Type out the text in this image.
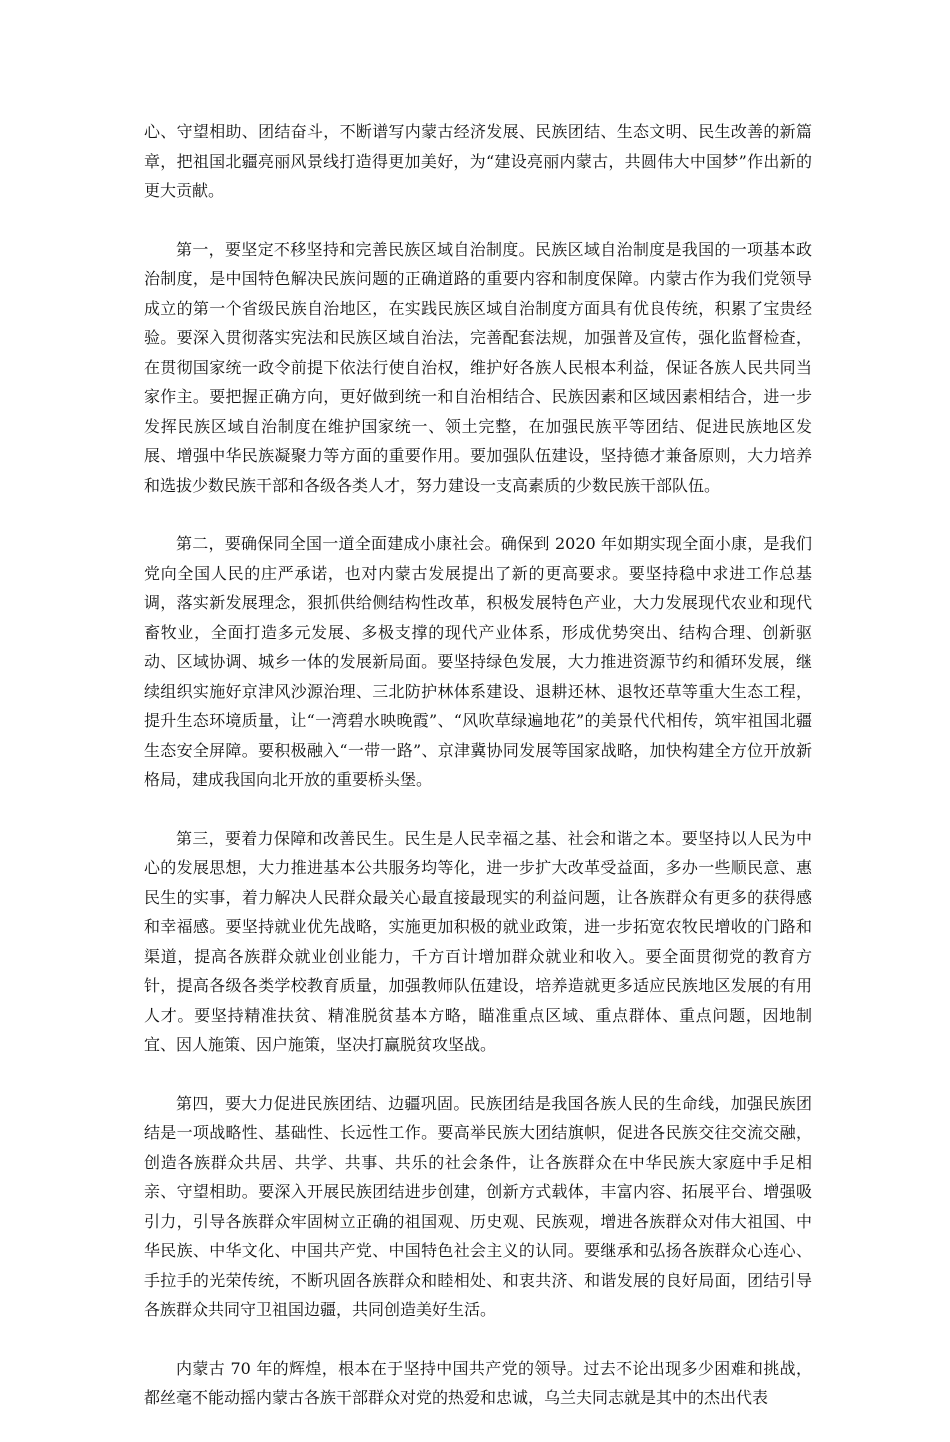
心、守望相助、团结奋斗，不断谱写内蒙古经济发展、民族团结、生态文明、民生改善的新篇章，把祖国北疆亮丽风景线打造得更加美好，为“建设亮丽内蒙古，共圆伟大中国梦”作出新的更大贡献。

第一，要坚定不移坚持和完善民族区域自治制度。民族区域自治制度是我国的一项基本政治制度，是中国特色解决民族问题的正确道路的重要内容和制度保障。内蒙古作为我们党领导成立的第一个省级民族自治地区，在实践民族区域自治制度方面具有优良传统，积累了宝贵经验。要深入贯彻落实宪法和民族区域自治法，完善配套法规，加强普及宣传，强化监督检查，在贯彻国家统一政令前提下依法行使自治权，维护好各族人民根本利益，保证各族人民共同当家作主。要把握正确方向，更好做到统一和自治相结合、民族因素和区域因素相结合，进一步发挥民族区域自治制度在维护国家统一、领土完整，在加强民族平等团结、促进民族地区发展、增强中华民族凝聚力等方面的重要作用。要加强队伍建设，坚持德才兼备原则，大力培养和选拔少数民族干部和各级各类人才，努力建设一支高素质的少数民族干部队伍。

第二，要确保同全国一道全面建成小康社会。确保到 2020 年如期实现全面小康，是我们党向全国人民的庄严承诺，也对内蒙古发展提出了新的更高要求。要坚持稳中求进工作总基调，落实新发展理念，狠抓供给侧结构性改革，积极发展特色产业，大力发展现代农业和现代畜牧业，全面打造多元发展、多极支撑的现代产业体系，形成优势突出、结构合理、创新驱动、区域协调、城乡一体的发展新局面。要坚持绿色发展，大力推进资源节约和循环发展，继续组织实施好京津风沙源治理、三北防护林体系建设、退耕还林、退牧还草等重大生态工程，提升生态环境质量，让“一湾碧水映晚霞”、“风吹草绿遍地花”的美景代代相传，筑牢祖国北疆生态安全屏障。要积极融入“一带一路”、京津冀协同发展等国家战略，加快构建全方位开放新格局，建成我国向北开放的重要桥头堡。

第三，要着力保障和改善民生。民生是人民幸福之基、社会和谐之本。要坚持以人民为中心的发展思想，大力推进基本公共服务均等化，进一步扩大改革受益面，多办一些顺民意、惠民生的实事，着力解决人民群众最关心最直接最现实的利益问题，让各族群众有更多的获得感和幸福感。要坚持就业优先战略，实施更加积极的就业政策，进一步拓宽农牧民增收的门路和渠道，提高各族群众就业创业能力，千方百计增加群众就业和收入。要全面贯彻党的教育方针，提高各级各类学校教育质量，加强教师队伍建设，培养造就更多适应民族地区发展的有用人才。要坚持精准扶贫、精准脱贫基本方略，瞄准重点区域、重点群体、重点问题，因地制宜、因人施策、因户施策，坚决打赢脱贫攻坚战。

第四，要大力促进民族团结、边疆巩固。民族团结是我国各族人民的生命线，加强民族团结是一项战略性、基础性、长远性工作。要高举民族大团结旗帜，促进各民族交往交流交融，创造各族群众共居、共学、共事、共乐的社会条件，让各族群众在中华民族大家庭中手足相亲、守望相助。要深入开展民族团结进步创建，创新方式载体，丰富内容、拓展平台、增强吸引力，引导各族群众牢固树立正确的祖国观、历史观、民族观，增进各族群众对伟大祖国、中华民族、中华文化、中国共产党、中国特色社会主义的认同。要继承和弘扬各族群众心连心、手拉手的光荣传统，不断巩固各族群众和睦相处、和衷共济、和谐发展的良好局面，团结引导各族群众共同守卫祖国边疆，共同创造美好生活。

内蒙古 70 年的辉煌，根本在于坚持中国共产党的领导。过去不论出现多少困难和挑战，都丝毫不能动摇内蒙古各族干部群众对党的热爱和忠诚，乌兰夫同志就是其中的杰出代表
